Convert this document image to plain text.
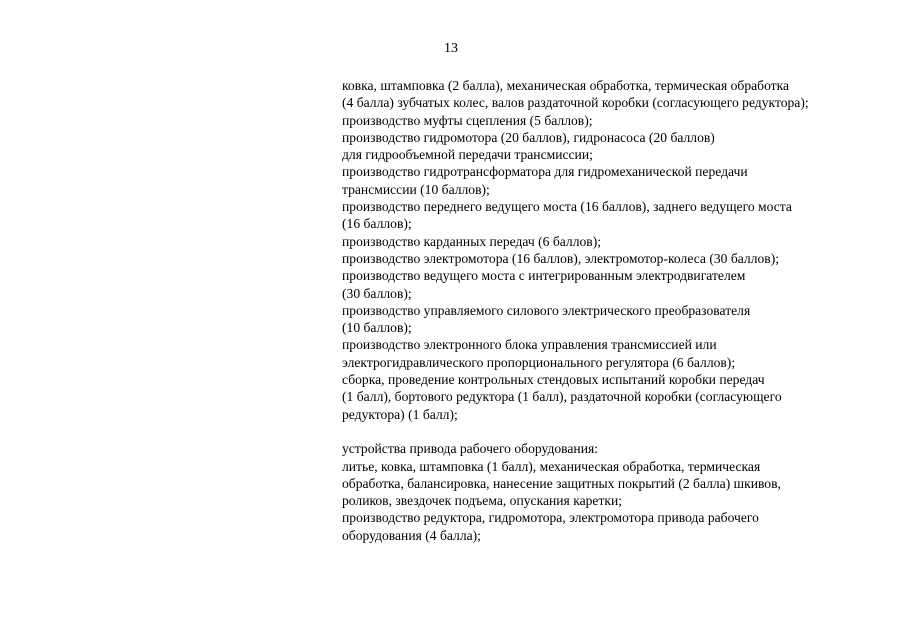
13
ковка, штамповка (2 балла), механическая обработка, термическая обработка
(4 балла) зубчатых колес, валов раздаточной коробки (согласующего редуктора);
производство муфты сцепления (5 баллов);
производство гидромотора (20 баллов), гидронасоса (20 баллов)
для гидрообъемной передачи трансмиссии;
производство гидротрансформатора для гидромеханической передачи
трансмиссии (10 баллов);
производство переднего ведущего моста (16 баллов), заднего ведущего моста
(16 баллов);
производство карданных передач (6 баллов);
производство электромотора (16 баллов), электромотор-колеса (30 баллов);
производство ведущего моста с интегрированным электродвигателем
(30 баллов);
производство управляемого силового электрического преобразователя
(10 баллов);
производство электронного блока управления трансмиссией или
электрогидравлического пропорционального регулятора (6 баллов);
сборка, проведение контрольных стендовых испытаний коробки передач
(1 балл), бортового редуктора (1 балл), раздаточной коробки (согласующего
редуктора) (1 балл);
устройства привода рабочего оборудования:
литье, ковка, штамповка (1 балл), механическая обработка, термическая
обработка, балансировка, нанесение защитных покрытий (2 балла) шкивов,
роликов, звездочек подъема, опускания каретки;
производство редуктора, гидромотора, электромотора привода рабочего
оборудования (4 балла);
